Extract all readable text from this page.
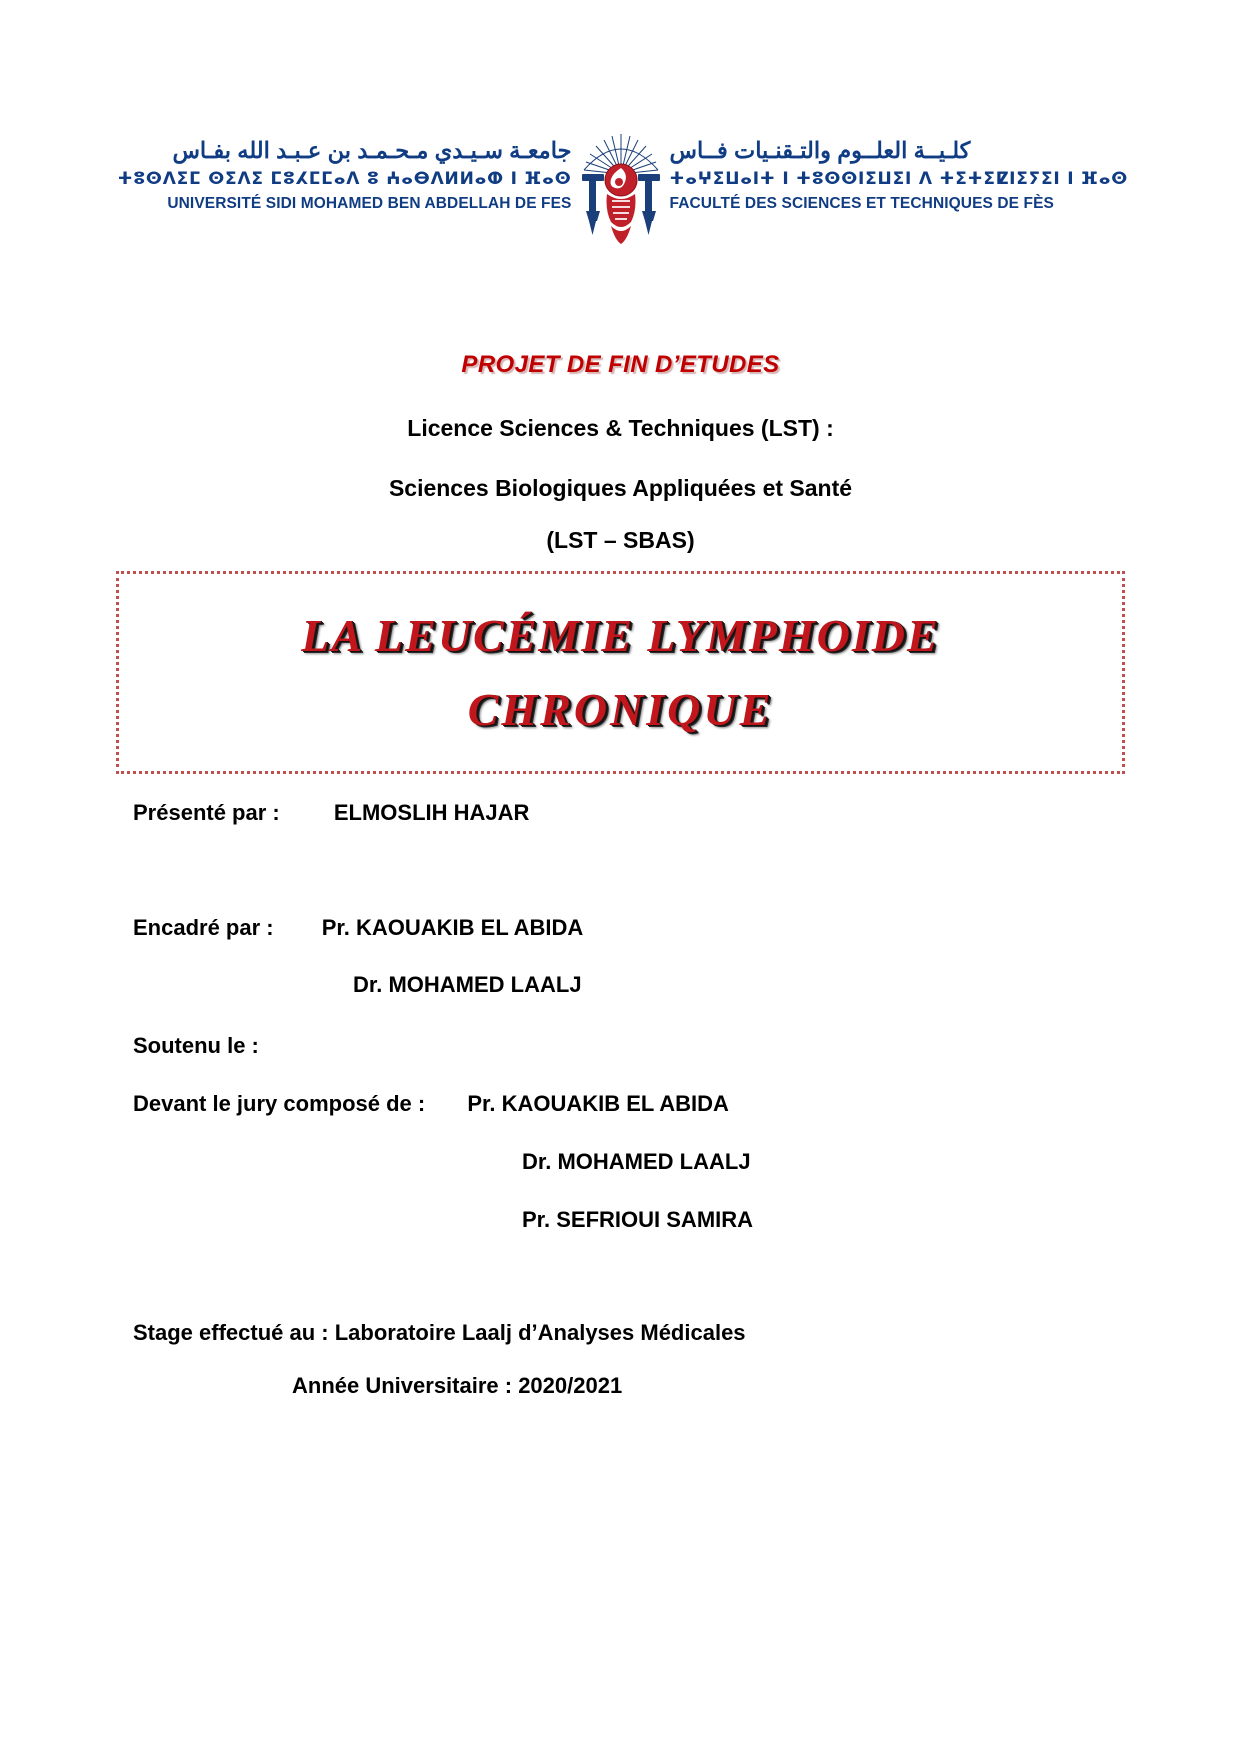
جامعـة سـيـدي مـحـمـد بن عـبـد الله بفـاس
ⵜⵓⵙⴷⵉⵎ ⵙⵉⴷⵉ ⵎⵓⵃⵎⵎⴰⴷ ⵓ ⵄⴰⴱⴷⵍⵍⴰⵀ ⵏ ⴼⴰⵙ
UNIVERSITÉ SIDI MOHAMED BEN ABDELLAH DE FES
كلـيــة العلــوم والتـقنـيات فــاس
ⵜⴰⵖⵉⵡⴰⵏⵜ ⵏ ⵜⵓⵙⵙⵏⵉⵡⵉⵏ ⴷ ⵜⵉⵜⵉⵇⵏⵉⵢⵉⵏ ⵏ ⴼⴰⵙ
FACULTÉ DES SCIENCES ET TECHNIQUES DE FÈS
PROJET DE FIN D’ETUDES
Licence Sciences & Techniques (LST) :
Sciences Biologiques Appliquées et Santé
(LST – SBAS)
LA LEUCÉMIE LYMPHOIDE
CHRONIQUE
Présenté par : ELMOSLIH HAJAR
Encadré par : Pr. KAOUAKIB EL ABIDA
Dr. MOHAMED LAALJ
Soutenu le :
Devant le jury composé de : Pr. KAOUAKIB EL ABIDA
Dr. MOHAMED LAALJ
Pr. SEFRIOUI SAMIRA
Stage effectué au : Laboratoire Laalj d’Analyses Médicales
Année Universitaire : 2020/2021
